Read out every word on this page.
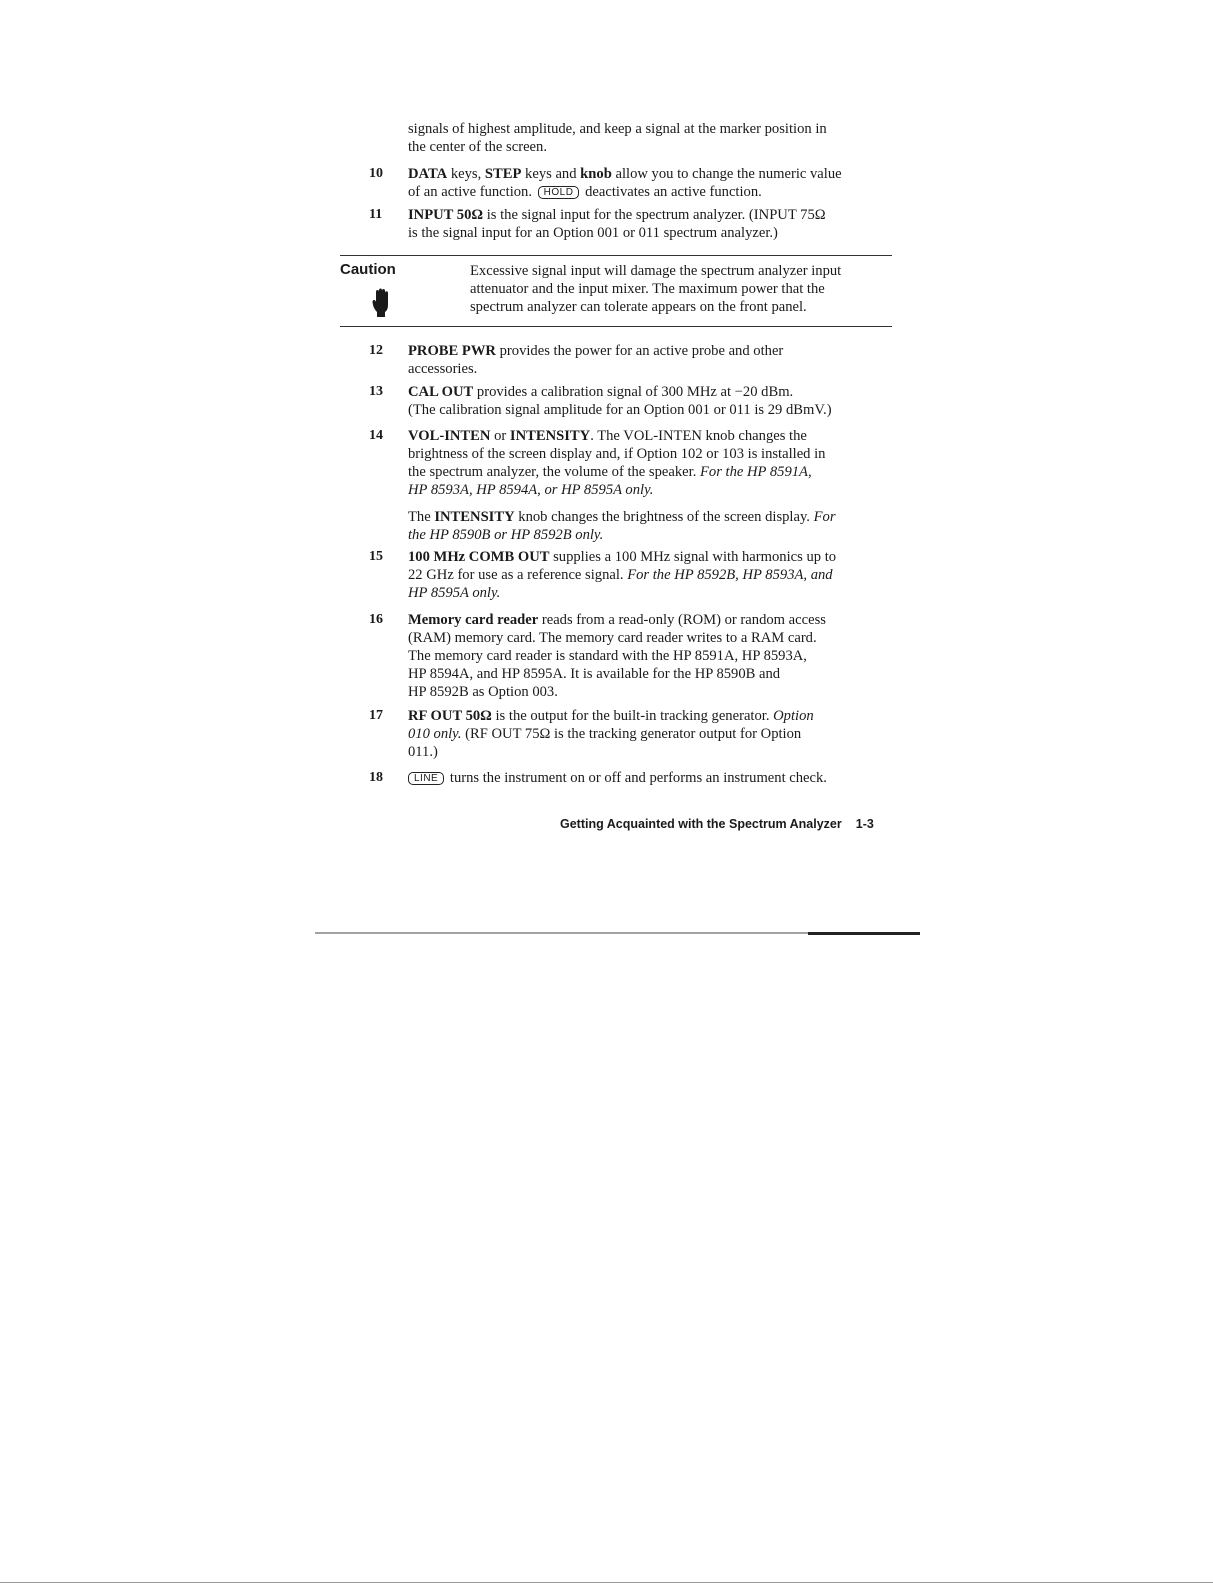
signals of highest amplitude, and keep a signal at the marker position in
the center of the screen.
10 DATA keys, STEP keys and knob allow you to change the numeric value
of an active function. HOLD deactivates an active function.
11 INPUT 50Ω is the signal input for the spectrum analyzer. (INPUT 75Ω
is the signal input for an Option 001 or 011 spectrum analyzer.)
Caution	Excessive signal input will damage the spectrum analyzer input
attenuator and the input mixer. The maximum power that the
spectrum analyzer can tolerate appears on the front panel.
12 PROBE PWR provides the power for an active probe and other
accessories.
13 CAL OUT provides a calibration signal of 300 MHz at −20 dBm.
(The calibration signal amplitude for an Option 001 or 011 is 29 dBmV.)
14 VOL-INTEN or INTENSITY. The VOL-INTEN knob changes the
brightness of the screen display and, if Option 102 or 103 is installed in
the spectrum analyzer, the volume of the speaker. For the HP 8591A,
HP 8593A, HP 8594A, or HP 8595A only.
The INTENSITY knob changes the brightness of the screen display. For
the HP 8590B or HP 8592B only.
15 100 MHz COMB OUT supplies a 100 MHz signal with harmonics up to
22 GHz for use as a reference signal. For the HP 8592B, HP 8593A, and
HP 8595A only.
16 Memory card reader reads from a read-only (ROM) or random access
(RAM) memory card. The memory card reader writes to a RAM card.
The memory card reader is standard with the HP 8591A, HP 8593A,
HP 8594A, and HP 8595A. It is available for the HP 8590B and
HP 8592B as Option 003.
17 RF OUT 50Ω is the output for the built-in tracking generator. Option
010 only. (RF OUT 75Ω is the tracking generator output for Option
011.)
18	LINE turns the instrument on or off and performs an instrument check.
Getting Acquainted with the Spectrum Analyzer 1-3
